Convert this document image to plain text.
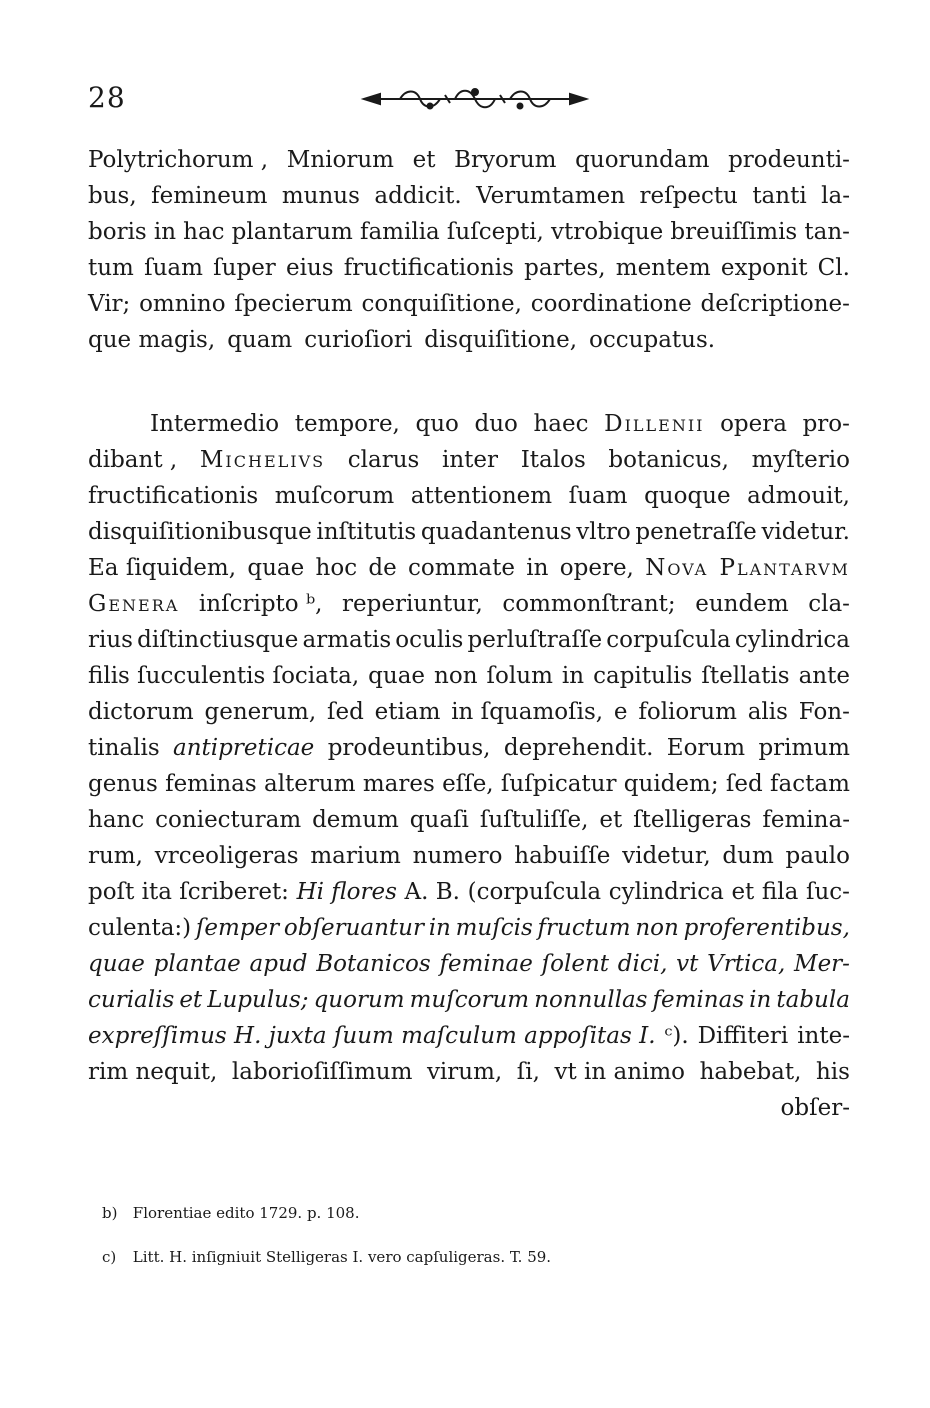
28
Polytrichorum , Mniorum et Bryorum quorundam prodeunti-
bus, femineum munus addicit. Verumtamen reſpectu tanti la-
boris in hac plantarum familia ſuſcepti, vtrobique breuiſſimis tan-
tum ſuam ſuper eius fructificationis partes, mentem exponit Cl.
Vir; omnino ſpecierum conquiſitione, coordinatione deſcriptione-
que magis, quam curioſiori disquiſitione, occupatus.
Intermedio tempore, quo duo haec Dillenii opera pro-
dibant , Michelivs clarus inter Italos botanicus, myſterio
fructificationis muſcorum attentionem ſuam quoque admouit,
disquiſitionibusque inſtitutis quadantenus vltro penetraſſe videtur.
Ea ſiquidem, quae hoc de commate in opere, Nova Plantarvm
Genera inſcripto ᵇ, reperiuntur, commonſtrant; eundem cla-
rius diſtinctiusque armatis oculis perluſtraſſe corpuſcula cylindrica
filis ſucculentis ſociata, quae non ſolum in capitulis ſtellatis ante
dictorum generum, ſed etiam in ſquamoſis, e foliorum alis Fon-
tinalis antipreticae prodeuntibus, deprehendit. Eorum primum
genus feminas alterum mares eſſe, ſuſpicatur quidem; ſed factam
hanc coniecturam demum quaſi ſuſtuliſſe, et ſtelligeras femina-
rum, vrceoligeras marium numero habuiſſe videtur, dum paulo
poſt ita ſcriberet: Hi flores A. B. (corpuſcula cylindrica et fila ſuc-
culenta:) ſemper obſeruantur in muſcis fructum non proferentibus,
quae plantae apud Botanicos feminae ſolent dici, vt Vrtica, Mer-
curialis et Lupulus; quorum muſcorum nonnullas feminas in tabula
expreſſimus H. juxta ſuum maſculum appoſitas I. ᶜ). Diffiteri inte-
rim nequit, laborioſiſſimum virum, ſi, vt in animo habebat, his
obſer-
b) Florentiae edito 1729. p. 108.
c) Litt. H. inſigniuit Stelligeras I. vero capſuligeras. T. 59.
